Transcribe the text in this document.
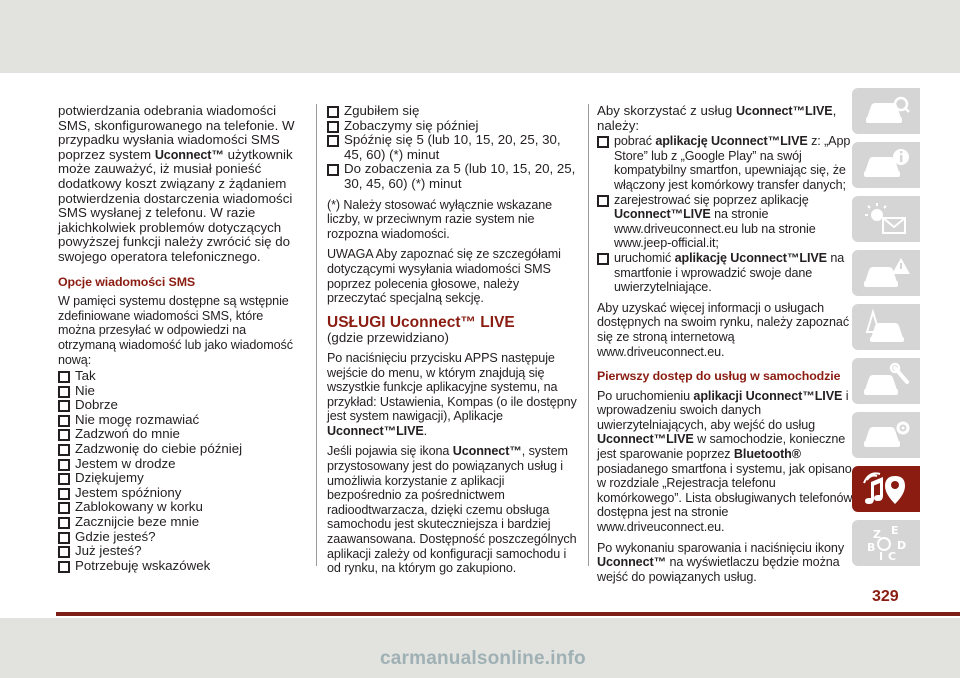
potwierdzania odebrania wiadomości SMS, skonfigurowanego na telefonie. W przypadku wysłania wiadomości SMS poprzez system Uconnect™ użytkownik może zauważyć, iż musiał ponieść dodatkowy koszt związany z żądaniem potwierdzenia dostarczenia wiadomości SMS wysłanej z telefonu. W razie jakichkolwiek problemów dotyczących powyższej funkcji należy zwrócić się do swojego operatora telefonicznego.

Opcje wiadomości SMS

W pamięci systemu dostępne są wstępnie zdefiniowane wiadomości SMS, które można przesyłać w odpowiedzi na otrzymaną wiadomość lub jako wiadomość nową:

Tak
Nie
Dobrze
Nie mogę rozmawiać
Zadzwoń do mnie
Zadzwonię do ciebie później
Jestem w drodze
Dziękujemy
Jestem spóźniony
Zablokowany w korku
Zacznijcie beze mnie
Gdzie jesteś?
Już jesteś?
Potrzebuję wskazówek
Zgubiłem się
Zobaczymy się później
Spóźnię się 5 (lub 10, 15, 20, 25, 30, 45, 60) (*) minut
Do zobaczenia za 5 (lub 10, 15, 20, 25, 30, 45, 60) (*) minut

(*) Należy stosować wyłącznie wskazane liczby, w przeciwnym razie system nie rozpozna wiadomości.

UWAGA Aby zapoznać się ze szczegółami dotyczącymi wysyłania wiadomości SMS poprzez polecenia głosowe, należy przeczytać specjalną sekcję.

USŁUGI Uconnect™ LIVE

(gdzie przewidziano)

Po naciśnięciu przycisku APPS następuje wejście do menu, w którym znajdują się wszystkie funkcje aplikacyjne systemu, na przykład: Ustawienia, Kompas (o ile dostępny jest system nawigacji), Aplikacje Uconnect™LIVE.

Jeśli pojawia się ikona Uconnect™, system przystosowany jest do powiązanych usług i umożliwia korzystanie z aplikacji bezpośrednio za pośrednictwem radioodtwarzacza, dzięki czemu obsługa samochodu jest skuteczniejsza i bardziej zaawansowana. Dostępność poszczególnych aplikacji zależy od konfiguracji samochodu i od rynku, na którym go zakupiono.

Aby skorzystać z usług Uconnect™LIVE, należy:

pobrać aplikację Uconnect™LIVE z: „App Store” lub z „Google Play” na swój kompatybilny smartfon, upewniając się, że włączony jest komórkowy transfer danych;
zarejestrować się poprzez aplikację Uconnect™LIVE na stronie www.driveuconnect.eu lub na stronie www.jeep-official.it;
uruchomić aplikację Uconnect™LIVE na smartfonie i wprowadzić swoje dane uwierzytelniające.

Aby uzyskać więcej informacji o usługach dostępnych na swoim rynku, należy zapoznać się ze stroną internetową www.driveuconnect.eu.

Pierwszy dostęp do usług w samochodzie

Po uruchomieniu aplikacji Uconnect™LIVE i wprowadzeniu swoich danych uwierzytelniających, aby wejść do usług Uconnect™LIVE w samochodzie, konieczne jest sparowanie poprzez Bluetooth® posiadanego smartfona i systemu, jak opisano w rozdziale „Rejestracja telefonu komórkowego”. Lista obsługiwanych telefonów dostępna jest na stronie www.driveuconnect.eu.

Po wykonaniu sparowania i naciśnięciu ikony Uconnect™ na wyświetlaczu będzie można wejść do powiązanych usług.

Z E
B D
I C
329
carmanualsonline.info
